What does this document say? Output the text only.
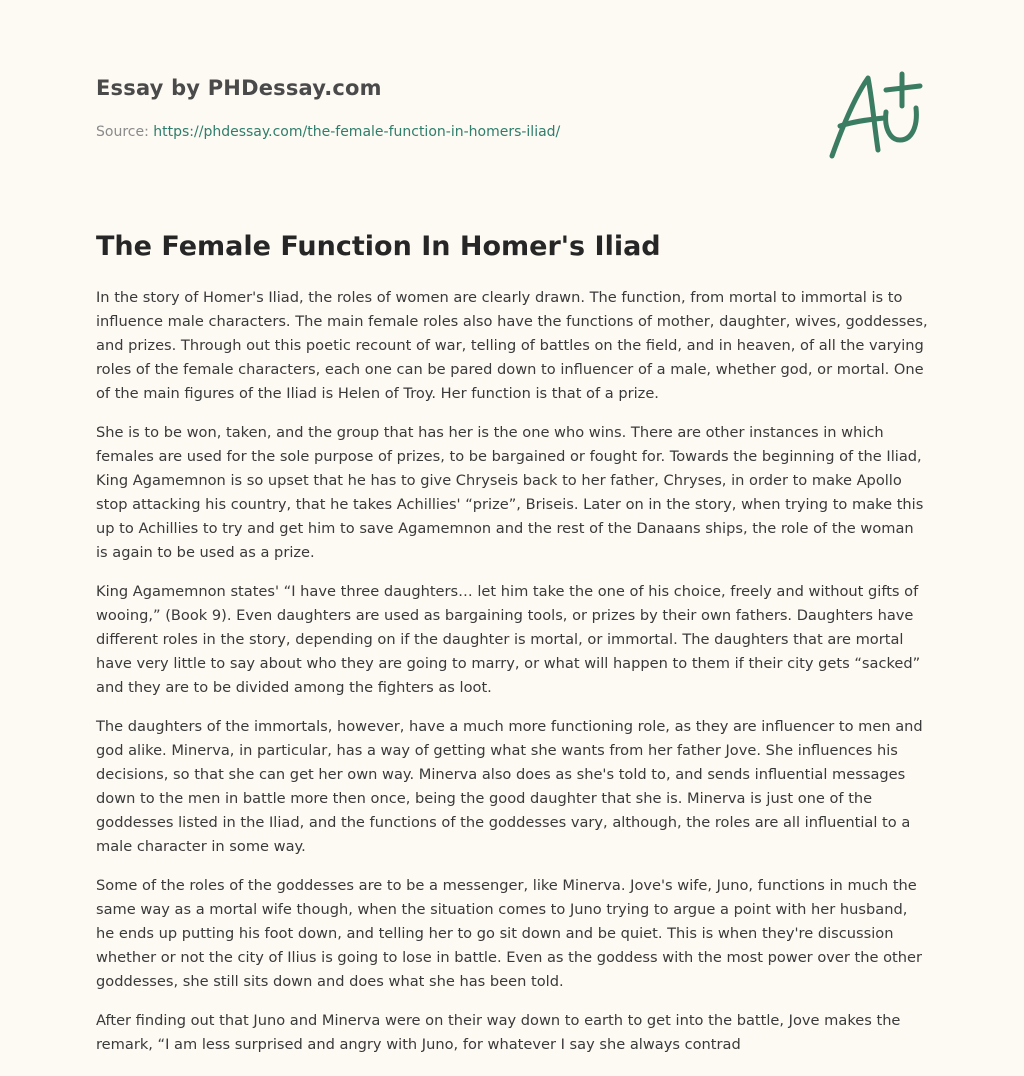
Essay by PHDessay.com
Source: https://phdessay.com/the-female-function-in-homers-iliad/
The Female Function In Homer's Iliad

In the story of Homer's Iliad, the roles of women are clearly drawn. The function, from mortal to immortal is to influence male characters. The main female roles also have the functions of mother, daughter, wives, goddesses, and prizes. Through out this poetic recount of war, telling of battles on the field, and in heaven, of all the varying roles of the female characters, each one can be pared down to influencer of a male, whether god, or mortal. One of the main figures of the Iliad is Helen of Troy. Her function is that of a prize.

She is to be won, taken, and the group that has her is the one who wins. There are other instances in which females are used for the sole purpose of prizes, to be bargained or fought for. Towards the beginning of the Iliad, King Agamemnon is so upset that he has to give Chryseis back to her father, Chryses, in order to make Apollo stop attacking his country, that he takes Achillies' “prize”, Briseis. Later on in the story, when trying to make this up to Achillies to try and get him to save Agamemnon and the rest of the Danaans ships, the role of the woman is again to be used as a prize.

King Agamemnon states' “I have three daughters… let him take the one of his choice, freely and without gifts of wooing,” (Book 9). Even daughters are used as bargaining tools, or prizes by their own fathers. Daughters have different roles in the story, depending on if the daughter is mortal, or immortal. The daughters that are mortal have very little to say about who they are going to marry, or what will happen to them if their city gets “sacked” and they are to be divided among the fighters as loot.

The daughters of the immortals, however, have a much more functioning role, as they are influencer to men and god alike. Minerva, in particular, has a way of getting what she wants from her father Jove. She influences his decisions, so that she can get her own way. Minerva also does as she's told to, and sends influential messages down to the men in battle more then once, being the good daughter that she is. Minerva is just one of the goddesses listed in the Iliad, and the functions of the goddesses vary, although, the roles are all influential to a male character in some way.

Some of the roles of the goddesses are to be a messenger, like Minerva. Jove's wife, Juno, functions in much the same way as a mortal wife though, when the situation comes to Juno trying to argue a point with her husband, he ends up putting his foot down, and telling her to go sit down and be quiet. This is when they're discussion whether or not the city of Ilius is going to lose in battle. Even as the goddess with the most power over the other goddesses, she still sits down and does what she has been told.

After finding out that Juno and Minerva were on their way down to earth to get into the battle, Jove makes the remark, “I am less surprised and angry with Juno, for whatever I say she always contrad
